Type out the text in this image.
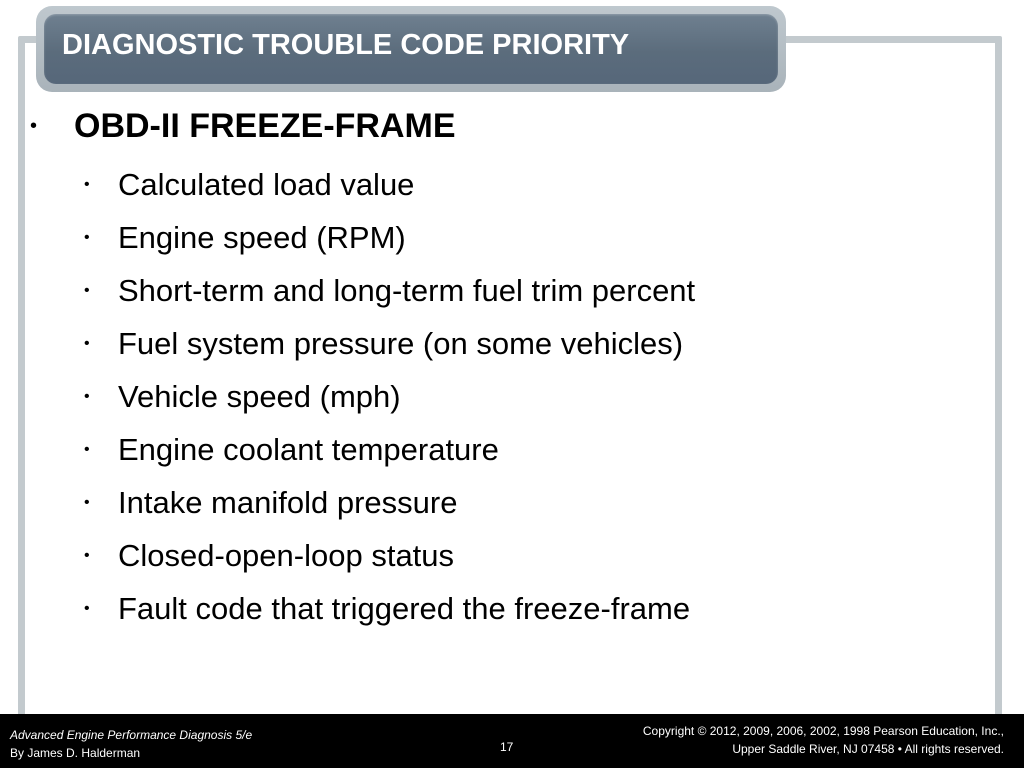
DIAGNOSTIC TROUBLE CODE PRIORITY
•	OBD-II FREEZE-FRAME
• Calculated load value
• Engine speed (RPM)
• Short-term and long-term fuel trim percent
• Fuel system pressure (on some vehicles)
• Vehicle speed (mph)
• Engine coolant temperature
• Intake manifold pressure
• Closed-open-loop status
• Fault code that triggered the freeze-frame
Advanced Engine Performance Diagnosis 5/e
By James D. Halderman	17
Copyright © 2012, 2009, 2006, 2002, 1998 Pearson Education, Inc.,
Upper Saddle River, NJ 07458 • All rights reserved.
